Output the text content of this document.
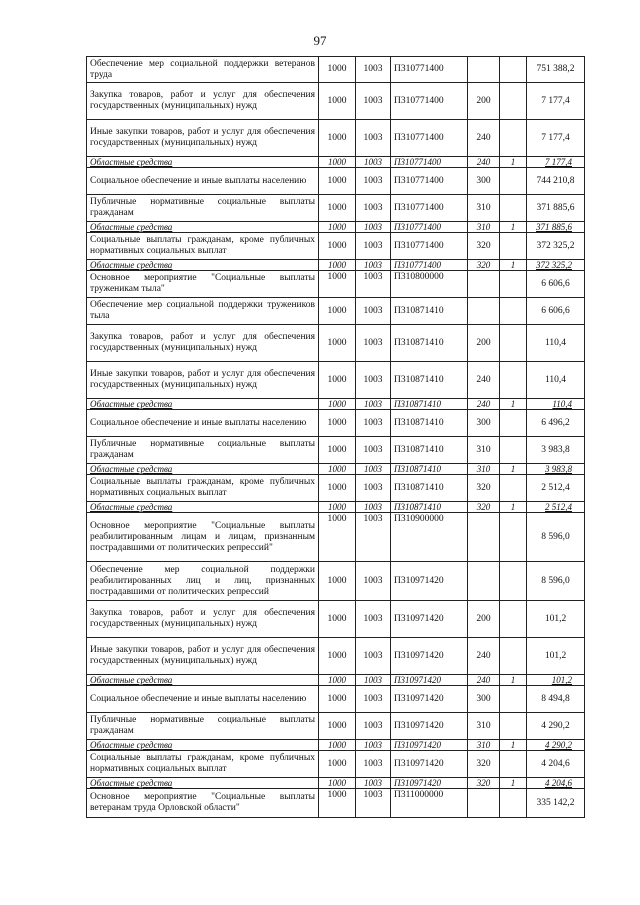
97
Обеспечение мер социальной поддержки ветеранов труда	1000	1003	П310771400			751 388,2
Закупка товаров, работ и услуг для обеспечения государственных (муниципальных) нужд	1000	1003	П310771400	200		7 177,4
Иные закупки товаров, работ и услуг для обеспечения государственных (муниципальных) нужд	1000	1003	П310771400	240		7 177,4
Областные средства	1000	1003	П310771400	240	1	7 177,4
Социальное обеспечение и иные выплаты населению	1000	1003	П310771400	300		744 210,8
Публичные нормативные социальные выплаты гражданам	1000	1003	П310771400	310		371 885,6
Областные средства	1000	1003	П310771400	310	1	371 885,6
Социальные выплаты гражданам, кроме публичных нормативных социальных выплат	1000	1003	П310771400	320		372 325,2
Областные средства	1000	1003	П310771400	320	1	372 325,2
Основное мероприятие "Социальные выплаты труженикам тыла"	1000	1003	П310800000			6 606,6
Обеспечение мер социальной поддержки тружеников тыла	1000	1003	П310871410			6 606,6
Закупка товаров, работ и услуг для обеспечения государственных (муниципальных) нужд	1000	1003	П310871410	200		110,4
Иные закупки товаров, работ и услуг для обеспечения государственных (муниципальных) нужд	1000	1003	П310871410	240		110,4
Областные средства	1000	1003	П310871410	240	1	110,4
Социальное обеспечение и иные выплаты населению	1000	1003	П310871410	300		6 496,2
Публичные нормативные социальные выплаты гражданам	1000	1003	П310871410	310		3 983,8
Областные средства	1000	1003	П310871410	310	1	3 983,8
Социальные выплаты гражданам, кроме публичных нормативных социальных выплат	1000	1003	П310871410	320		2 512,4
Областные средства	1000	1003	П310871410	320	1	2 512,4
Основное мероприятие "Социальные выплаты реабилитированным лицам и лицам, признанным пострадавшими от политических репрессий"	1000	1003	П310900000			8 596,0
Обеспечение мер социальной поддержки реабилитированных лиц и лиц, признанных пострадавшими от политических репрессий	1000	1003	П310971420			8 596,0
Закупка товаров, работ и услуг для обеспечения государственных (муниципальных) нужд	1000	1003	П310971420	200		101,2
Иные закупки товаров, работ и услуг для обеспечения государственных (муниципальных) нужд	1000	1003	П310971420	240		101,2
Областные средства	1000	1003	П310971420	240	1	101,2
Социальное обеспечение и иные выплаты населению	1000	1003	П310971420	300		8 494,8
Публичные нормативные социальные выплаты гражданам	1000	1003	П310971420	310		4 290,2
Областные средства	1000	1003	П310971420	310	1	4 290,2
Социальные выплаты гражданам, кроме публичных нормативных социальных выплат	1000	1003	П310971420	320		4 204,6
Областные средства	1000	1003	П310971420	320	1	4 204,6
Основное мероприятие "Социальные выплаты ветеранам труда Орловской области"	1000	1003	П311000000			335 142,2
